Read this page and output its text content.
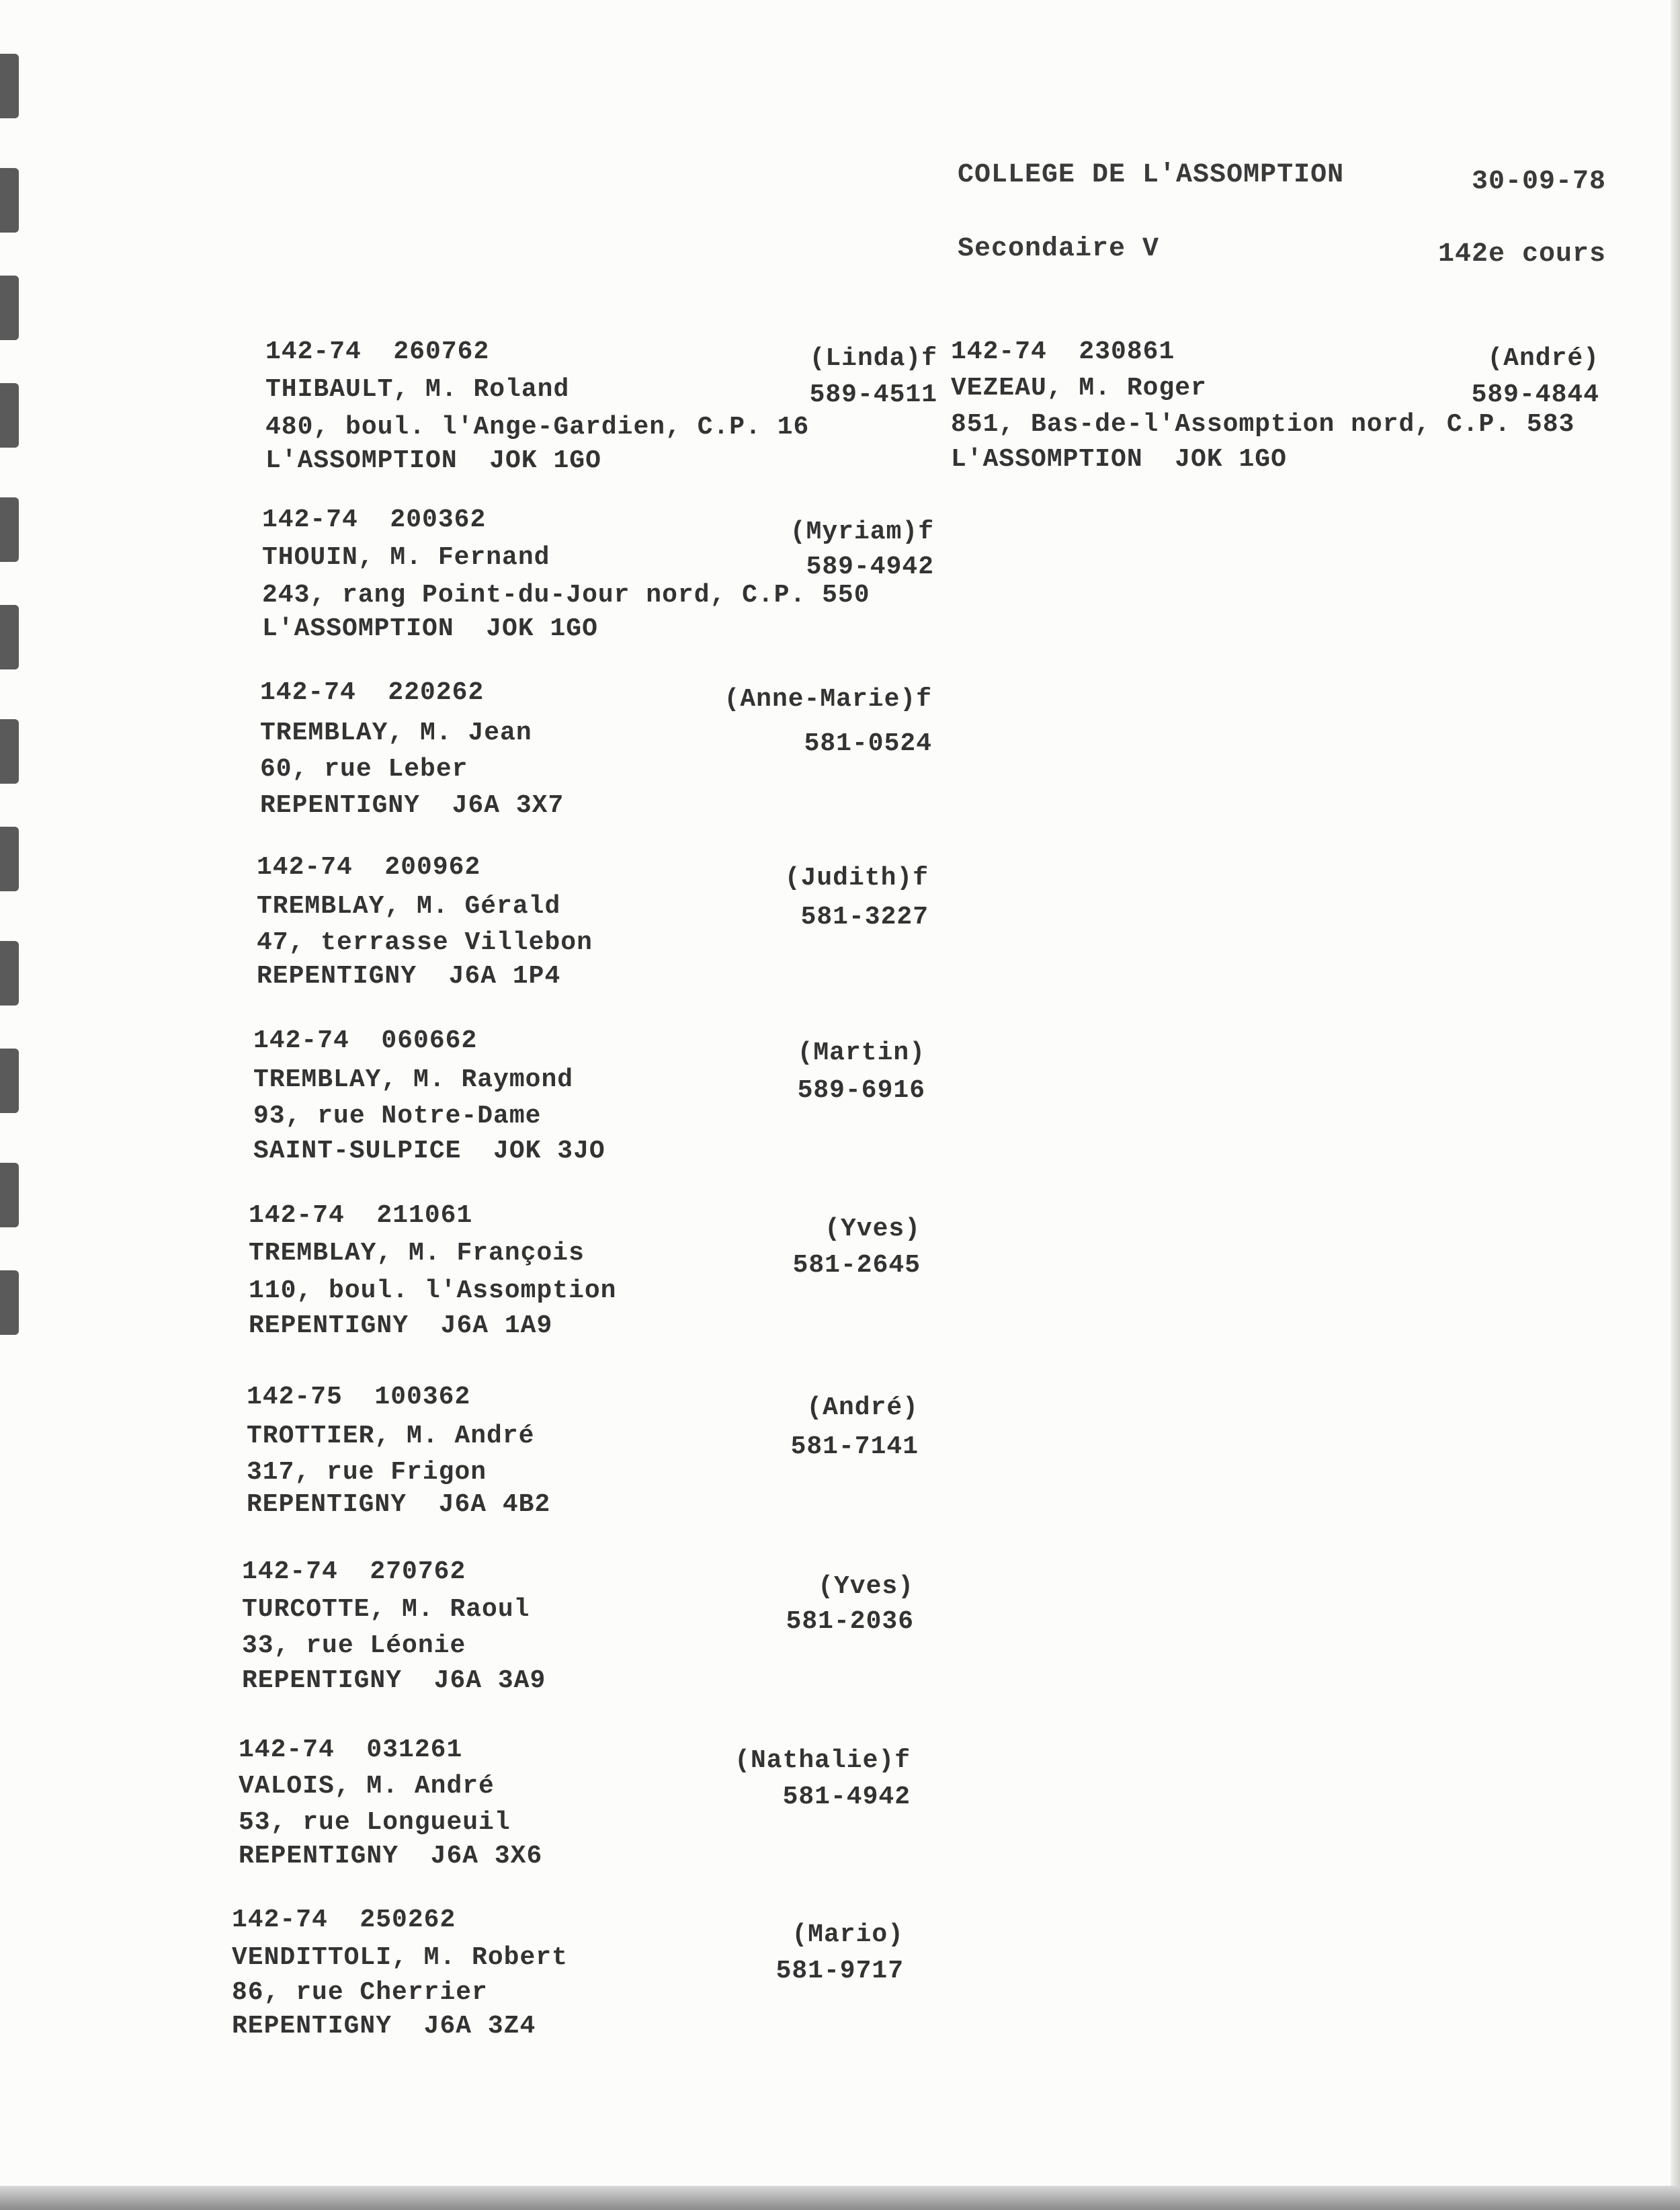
COLLEGE DE L'ASSOMPTION	30-09-78
Secondaire V	142e cours
142-74  260762	(Linda)f
THIBAULT, M. Roland	589-4511
480, boul. l'Ange-Gardien, C.P. 16
L'ASSOMPTION  JOK 1GO
142-74  200362	(Myriam)f
THOUIN, M. Fernand	589-4942
243, rang Point-du-Jour nord, C.P. 550
L'ASSOMPTION  JOK 1GO
142-74  220262	(Anne-Marie)f
TREMBLAY, M. Jean	581-0524
60, rue Leber
REPENTIGNY  J6A 3X7
142-74  200962	(Judith)f
TREMBLAY, M. Gérald	581-3227
47, terrasse Villebon
REPENTIGNY  J6A 1P4
142-74  060662	(Martin)
TREMBLAY, M. Raymond	589-6916
93, rue Notre-Dame
SAINT-SULPICE  JOK 3JO
142-74  211061	(Yves)
TREMBLAY, M. François	581-2645
110, boul. l'Assomption
REPENTIGNY  J6A 1A9
142-75  100362	(André)
TROTTIER, M. André	581-7141
317, rue Frigon
REPENTIGNY  J6A 4B2
142-74  270762
(Yves)
TURCOTTE, M. Raoul	581-2036
33, rue Léonie
REPENTIGNY  J6A 3A9
142-74  031261	(Nathalie)f
VALOIS, M. André	581-4942
53, rue Longueuil
REPENTIGNY  J6A 3X6
142-74  250262
(Mario)
VENDITTOLI, M. Robert	581-9717
86, rue Cherrier
REPENTIGNY  J6A 3Z4
142-74  230861	(André)
VEZEAU, M. Roger	589-4844
851, Bas-de-l'Assomption nord, C.P. 583
L'ASSOMPTION  JOK 1GO
